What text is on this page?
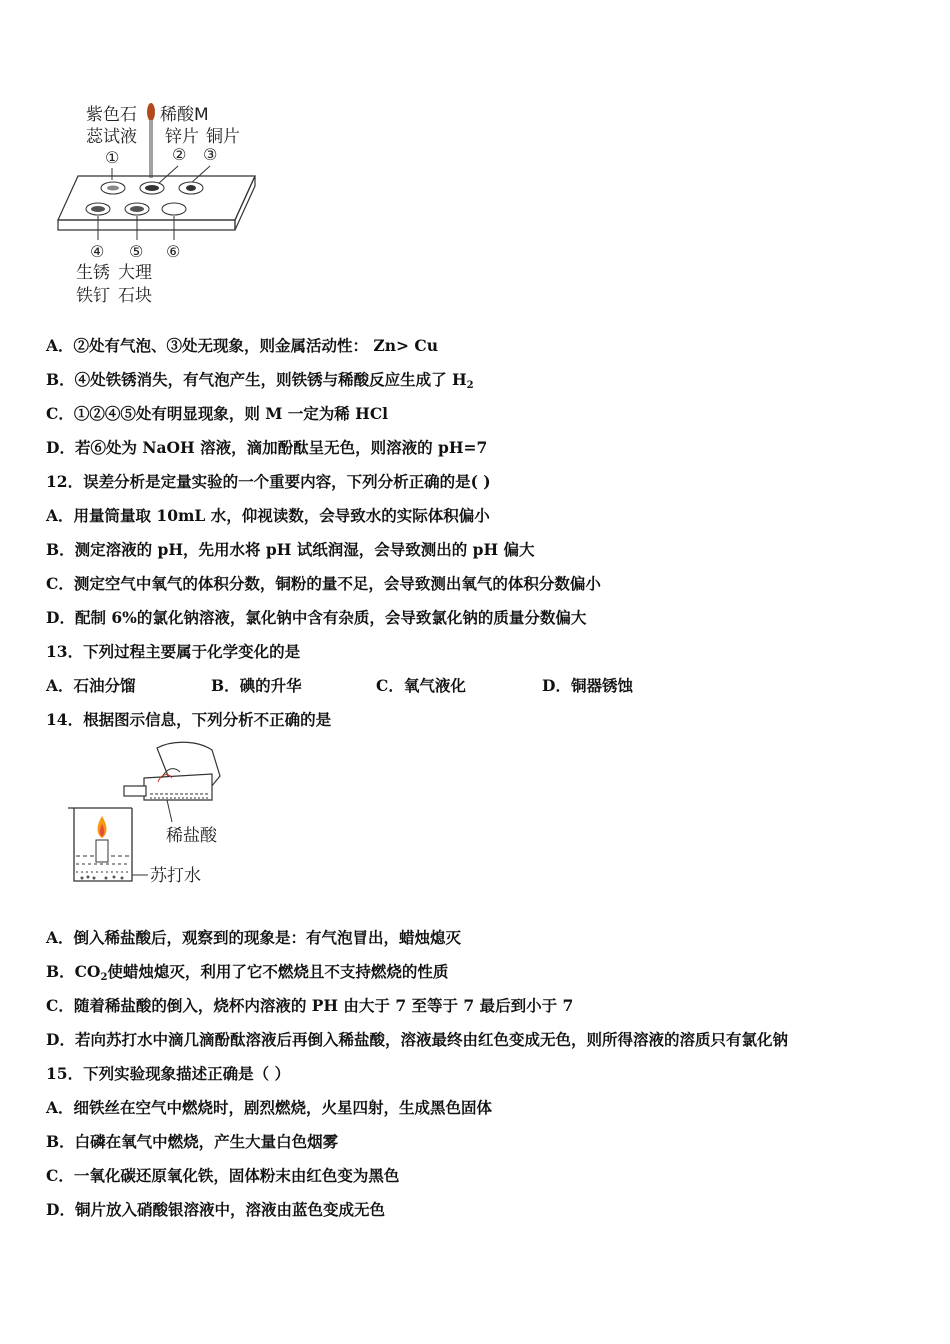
紫色石
蕊试液
稀酸M
锌片 铜片
①	② ③
④ ⑤ ⑥
生锈
铁钉
大理
石块
A．②处有气泡、③处无现象，则金属活动性： Zn> Cu
B．④处铁锈消失，有气泡产生，则铁锈与稀酸反应生成了 $H_2$
C．①②④⑤处有明显现象，则 M 一定为稀 HCl
D．若⑥处为 NaOH 溶液，滴加酚酞呈无色，则溶液的 pH=7
12．误差分析是定量实验的一个重要内容，下列分析正确的是( )
A．用量筒量取 10mL 水，仰视读数，会导致水的实际体积偏小
B．测定溶液的 pH，先用水将 pH 试纸润湿，会导致测出的 pH 偏大
C．测定空气中氧气的体积分数，铜粉的量不足，会导致测出氧气的体积分数偏小
D．配制 6%的氯化钠溶液，氯化钠中含有杂质，会导致氯化钠的质量分数偏大
13．下列过程主要属于化学变化的是
A．石油分馏	B．碘的升华	C．氧气液化	D．铜器锈蚀
14．根据图示信息，下列分析不正确的是
稀盐酸
苏打水
A．倒入稀盐酸后，观察到的现象是：有气泡冒出，蜡烛熄灭
B．$CO_2$使蜡烛熄灭，利用了它不燃烧且不支持燃烧的性质
C．随着稀盐酸的倒入，烧杯内溶液的 PH 由大于 7 至等于 7 最后到小于 7
D．若向苏打水中滴几滴酚酞溶液后再倒入稀盐酸，溶液最终由红色变成无色，则所得溶液的溶质只有氯化钠
15．下列实验现象描述正确是（ ）
A．细铁丝在空气中燃烧时，剧烈燃烧，火星四射，生成黑色固体
B．白磷在氧气中燃烧，产生大量白色烟雾
C．一氧化碳还原氧化铁，固体粉末由红色变为黑色
D．铜片放入硝酸银溶液中，溶液由蓝色变成无色
